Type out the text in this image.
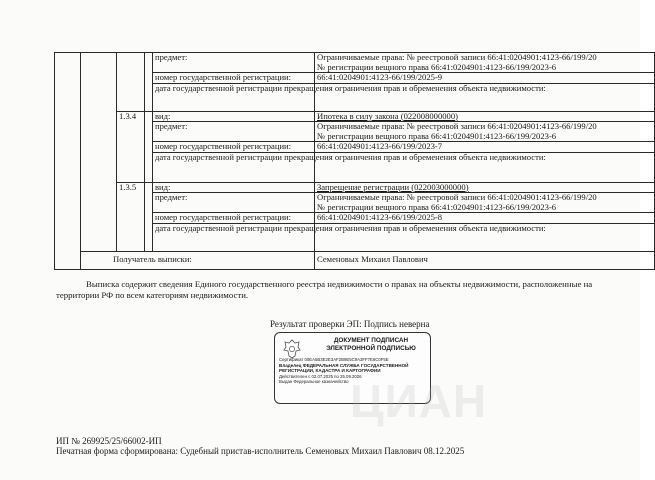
				предмет:	Ограничиваемые права: № реестровой записи 66:41:0204901:4123-66/199/20
№ регистрации вещного права 66:41:0204901:4123-66/199/2023-6

				номер государственной регистрации:	66:41:0204901:4123-66/199/2025-9
				дата государственной регистрации прекращения ограничения прав и обременения объекта недвижимости:	

		1.3.4		вид:	Ипотека в силу закона (022008000000)
				предмет:	Ограничиваемые права: № реестровой записи 66:41:0204901:4123-66/199/20
№ регистрации вещного права 66:41:0204901:4123-66/199/2023-6

				номер государственной регистрации:	66:41:0204901:4123-66/199/2023-7
				дата государственной регистрации прекращения ограничения прав и обременения объекта недвижимости:	
		1.3.5		вид:	Запрещение регистрации (022003000000)
				предмет:	Ограничиваемые права: № реестровой записи 66:41:0204901:4123-66/199/20
№ регистрации вещного права 66:41:0204901:4123-66/199/2023-6

				номер государственной регистрации:	66:41:0204901:4123-66/199/2025-8
				дата государственной регистрации прекращения ограничения прав и обременения объекта недвижимости:	
	Получатель выписки:				Семеновых Михаил Павлович
Выписка содержит сведения Единого государственного реестра недвижимости о правах на объекты недвижимости, расположенные на
территории РФ по всем категориям недвижимости.
Результат проверки ЭП: Подпись неверна
ДОКУМЕНТ ПОДПИСАН
ЭЛЕКТРОННОЙ ПОДПИСЬЮ
Сертификат 00EA5B3E2E3AF2B9E5C9A3FF7E6C0F5E
Владелец ФЕДЕРАЛЬНАЯ СЛУЖБА ГОСУДАРСТВЕННОЙ
РЕГИСТРАЦИИ, КАДАСТРА И КАРТОГРАФИИ
Действителен с 02.07.2025 по 25.09.2026
Выдан Федеральное казначейство ЦИАН
ИП № 269925/25/66002-ИП
Печатная форма сформирована: Судебный пристав-исполнитель Семеновых Михаил Павлович 08.12.2025
